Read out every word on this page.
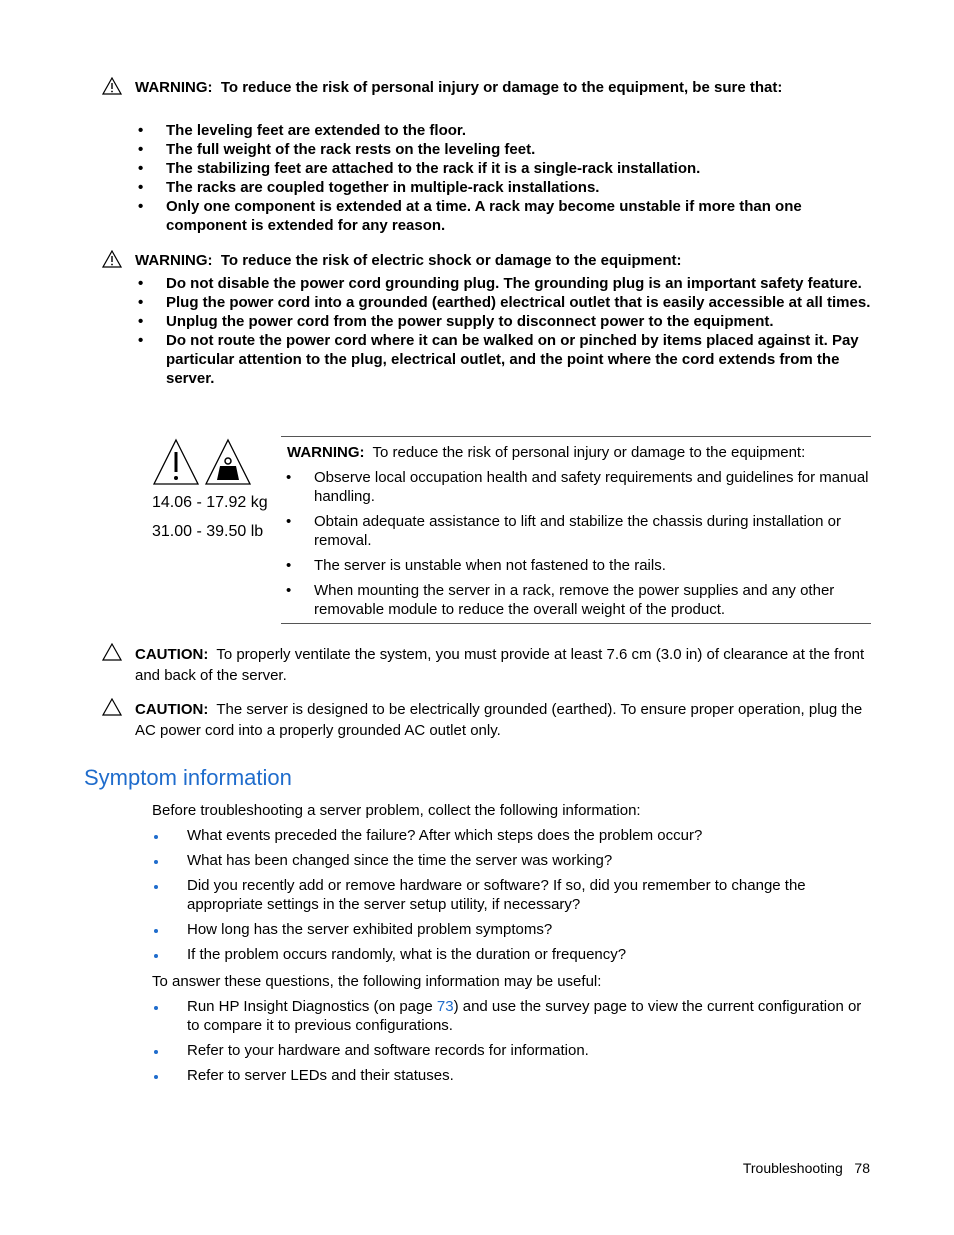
WARNING: To reduce the risk of personal injury or damage to the equipment, be sure that:
• The leveling feet are extended to the floor.
• The full weight of the rack rests on the leveling feet.
• The stabilizing feet are attached to the rack if it is a single-rack installation.
• The racks are coupled together in multiple-rack installations.
• Only one component is extended at a time. A rack may become unstable if more than one component is extended for any reason.
WARNING: To reduce the risk of electric shock or damage to the equipment:
• Do not disable the power cord grounding plug. The grounding plug is an important safety feature.
• Plug the power cord into a grounded (earthed) electrical outlet that is easily accessible at all times.
• Unplug the power cord from the power supply to disconnect power to the equipment.
• Do not route the power cord where it can be walked on or pinched by items placed against it. Pay particular attention to the plug, electrical outlet, and the point where the cord extends from the server.
14.06 - 17.92 kg
31.00 - 39.50 lb
WARNING: To reduce the risk of personal injury or damage to the equipment:
• Observe local occupation health and safety requirements and guidelines for manual handling.
• Obtain adequate assistance to lift and stabilize the chassis during installation or removal.
• The server is unstable when not fastened to the rails.
• When mounting the server in a rack, remove the power supplies and any other removable module to reduce the overall weight of the product.
CAUTION: To properly ventilate the system, you must provide at least 7.6 cm (3.0 in) of clearance at the front and back of the server.
CAUTION: The server is designed to be electrically grounded (earthed). To ensure proper operation, plug the AC power cord into a properly grounded AC outlet only.
Symptom information
Before troubleshooting a server problem, collect the following information:
What events preceded the failure? After which steps does the problem occur?
What has been changed since the time the server was working?
Did you recently add or remove hardware or software? If so, did you remember to change the appropriate settings in the server setup utility, if necessary?
How long has the server exhibited problem symptoms?
If the problem occurs randomly, what is the duration or frequency?
To answer these questions, the following information may be useful:
Run HP Insight Diagnostics (on page 73) and use the survey page to view the current configuration or to compare it to previous configurations.
Refer to your hardware and software records for information.
Refer to server LEDs and their statuses.
Troubleshooting 78
